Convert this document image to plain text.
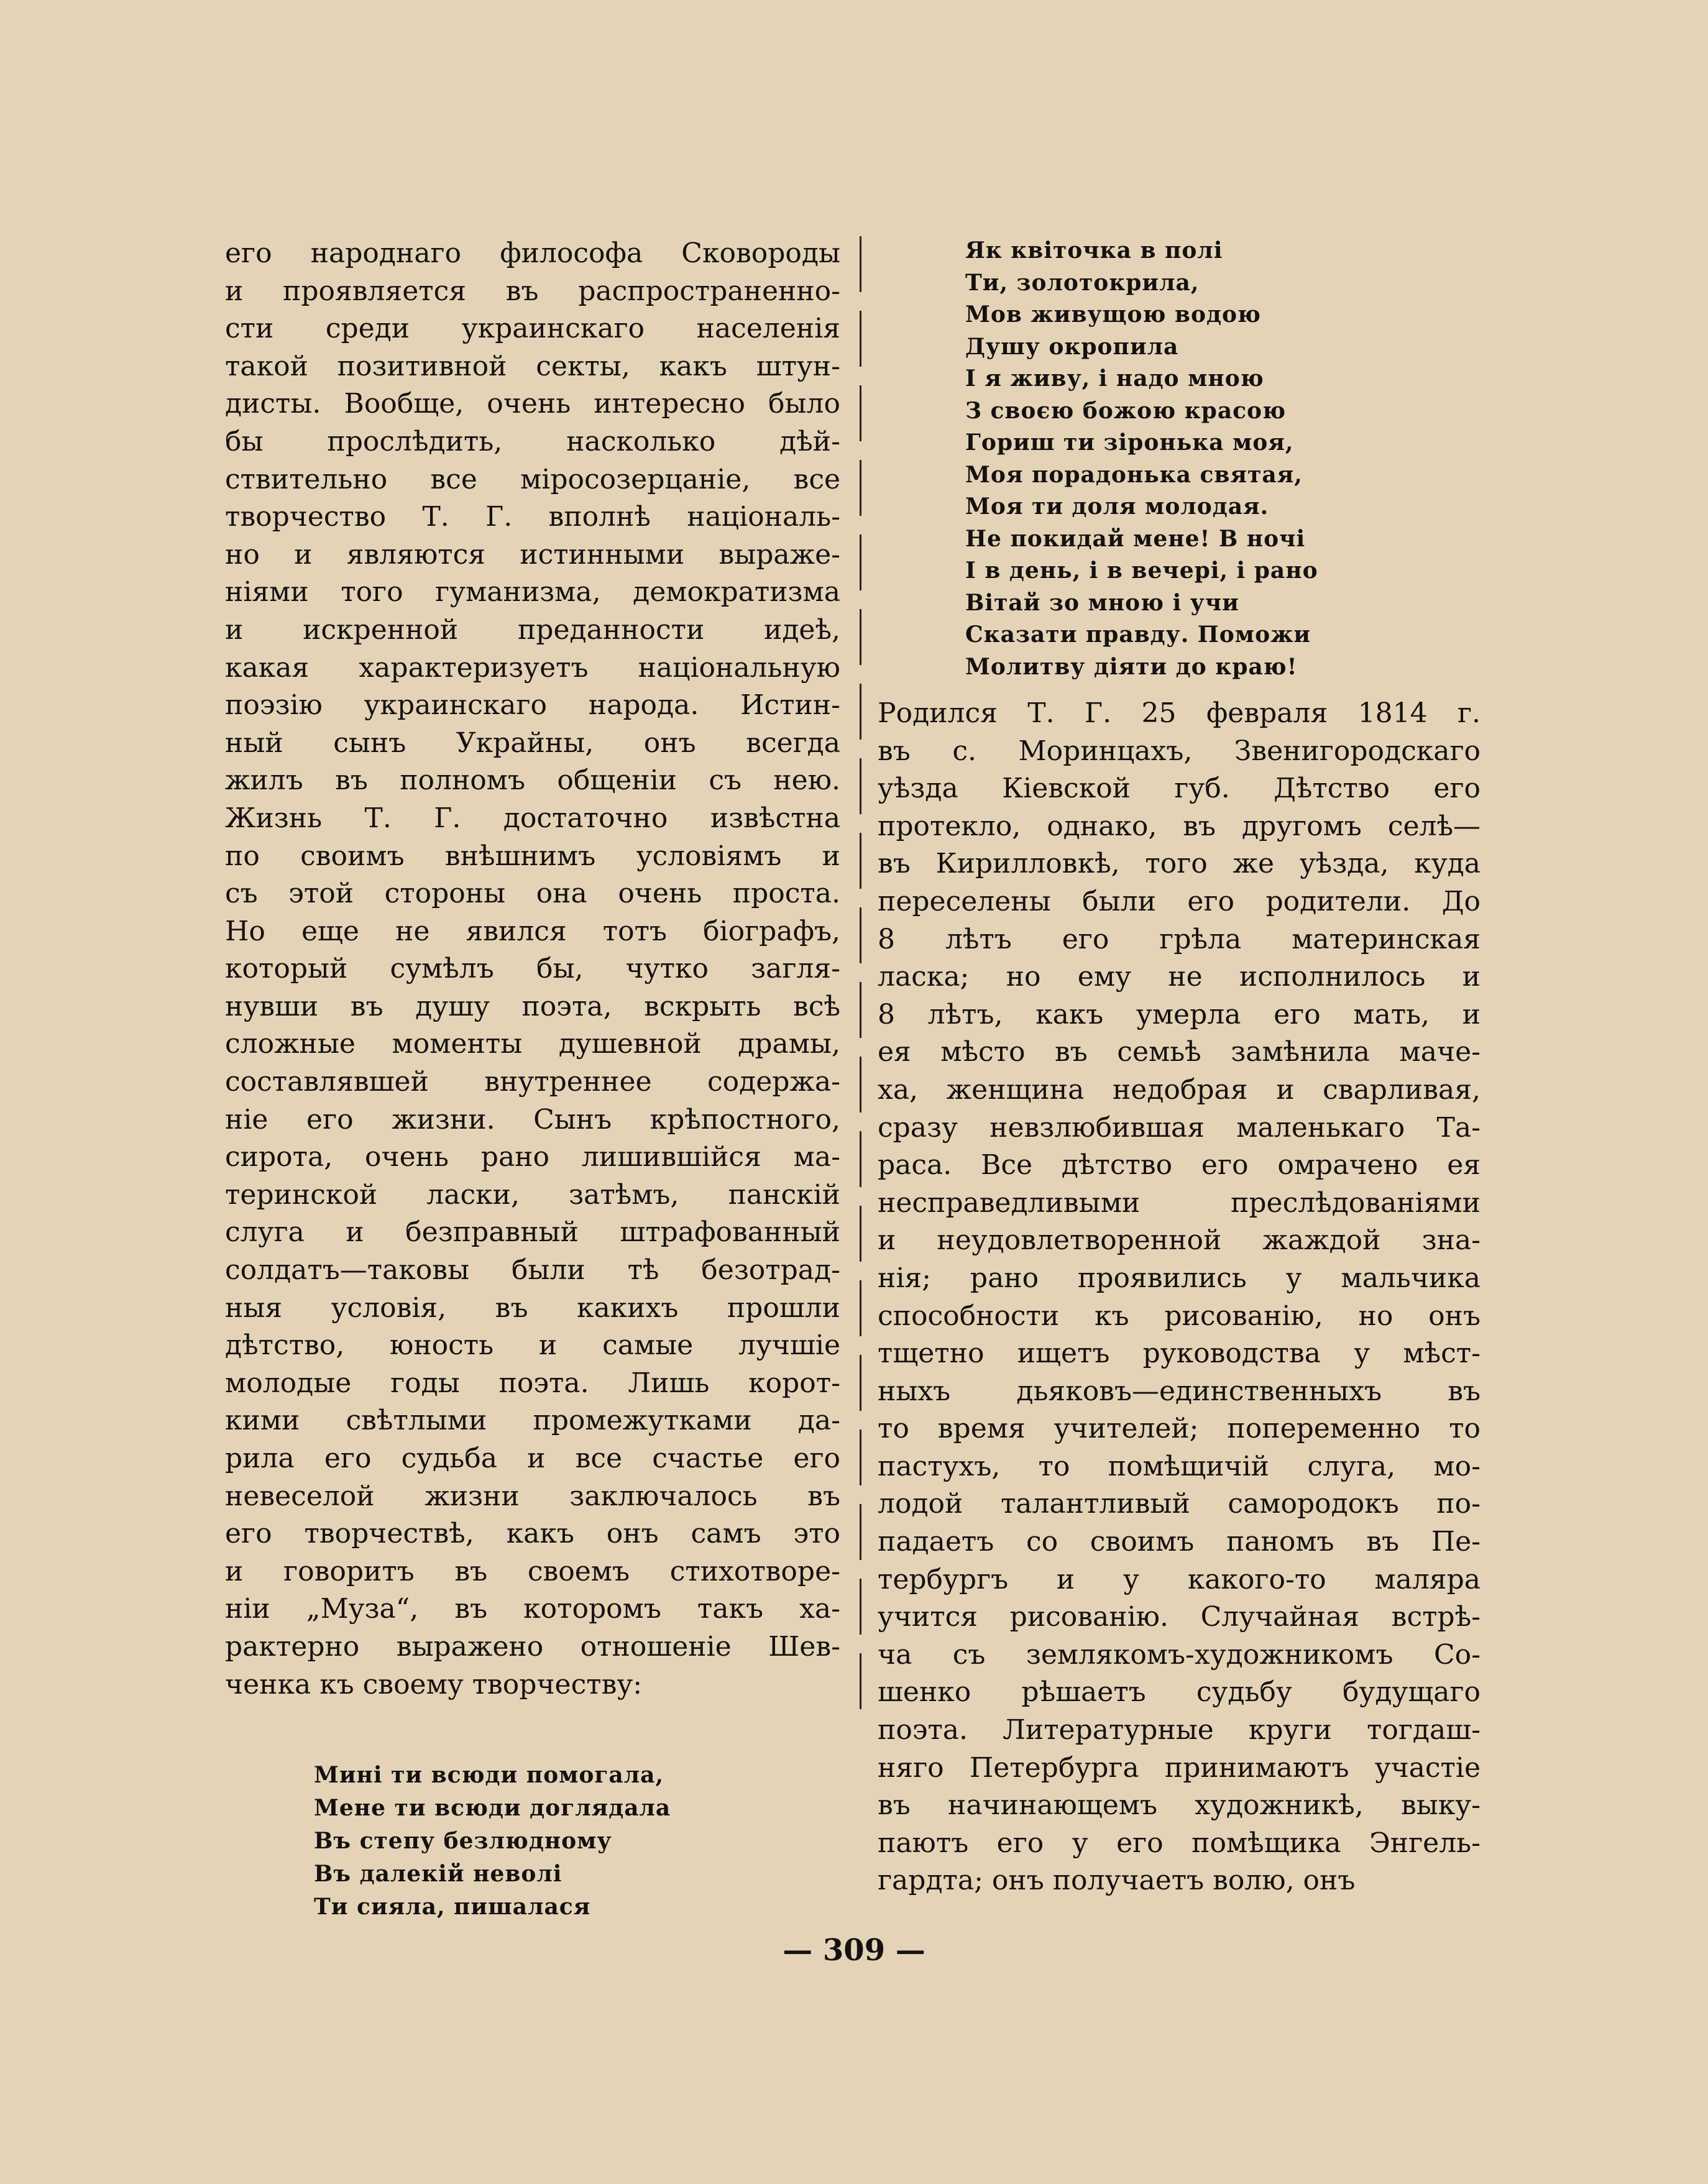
его народнаго философа Сковороды
и проявляется въ распространенно-
сти среди украинскаго населенія
такой позитивной секты, какъ штун-
дисты. Вообще, очень интересно было
бы прослѣдить, насколько дѣй-
ствительно все міросозерцаніе, все
творчество Т. Г. вполнѣ національ-
но и являются истинными выраже-
ніями того гуманизма, демократизма
и искренной преданности идеѣ,
какая характеризуетъ національную
поэзію украинскаго народа. Истин-
ный сынъ Украйны, онъ всегда
жилъ въ полномъ общеніи съ нею.
Жизнь Т. Г. достаточно извѣстна
по своимъ внѣшнимъ условіямъ и
съ этой стороны она очень проста.
Но еще не явился тотъ біографъ,
который сумѣлъ бы, чутко загля-
нувши въ душу поэта, вскрыть всѣ
сложные моменты душевной драмы,
составлявшей внутреннее содержа-
ніе его жизни. Сынъ крѣпостного,
сирота, очень рано лишившійся ма-
теринской ласки, затѣмъ, панскій
слуга и безправный штрафованный
солдатъ—таковы были тѣ безотрад-
ныя условія, въ какихъ прошли
дѣтство, юность и самые лучшіе
молодые годы поэта. Лишь корот-
кими свѣтлыми промежутками да-
рила его судьба и все счастье его
невеселой жизни заключалось въ
его творчествѣ, какъ онъ самъ это
и говоритъ въ своемъ стихотворе-
ніи „Муза“, въ которомъ такъ ха-
рактерно выражено отношеніе Шев-
ченка къ своему творчеству:
Мині ти всюди помогала,
Мене ти всюди доглядала
Въ степу безлюдному
Въ далекій неволі
Ти сияла, пишалася
Як квіточка в полі
Ти, золотокрила,
Мов живущою водою
Душу окропила
І я живу, і надо мною
З своєю божою красою
Гориш ти зіронька моя,
Моя порадонька святая,
Моя ти доля молодая.
Не покидай мене! В ночі
І в день, і в вечері, і рано
Вітай зо мною і учи
Сказати правду. Поможи
Молитву діяти до краю!
Родился Т. Г. 25 февраля 1814 г.
въ с. Моринцахъ, Звенигородскаго
уѣзда Кіевской губ. Дѣтство его
протекло, однако, въ другомъ селѣ—
въ Кирилловкѣ, того же уѣзда, куда
переселены были его родители. До
8 лѣтъ его грѣла материнская
ласка; но ему не исполнилось и
8 лѣтъ, какъ умерла его мать, и
ея мѣсто въ семьѣ замѣнила маче-
ха, женщина недобрая и сварливая,
сразу невзлюбившая маленькаго Та-
раса. Все дѣтство его омрачено ея
несправедливыми преслѣдованіями
и неудовлетворенной жаждой зна-
нія; рано проявились у мальчика
способности къ рисованію, но онъ
тщетно ищетъ руководства у мѣст-
ныхъ дьяковъ—единственныхъ въ
то время учителей; попеременно то
пастухъ, то помѣщичій слуга, мо-
лодой талантливый самородокъ по-
падаетъ со своимъ паномъ въ Пе-
тербургъ и у какого-то маляра
учится рисованію. Случайная встрѣ-
ча съ землякомъ-художникомъ Со-
шенко рѣшаетъ судьбу будущаго
поэта. Литературные круги тогдаш-
няго Петербурга принимаютъ участіе
въ начинающемъ художникѣ, выку-
паютъ его у его помѣщика Энгель-
гардта; онъ получаетъ волю, онъ
— 309 —
